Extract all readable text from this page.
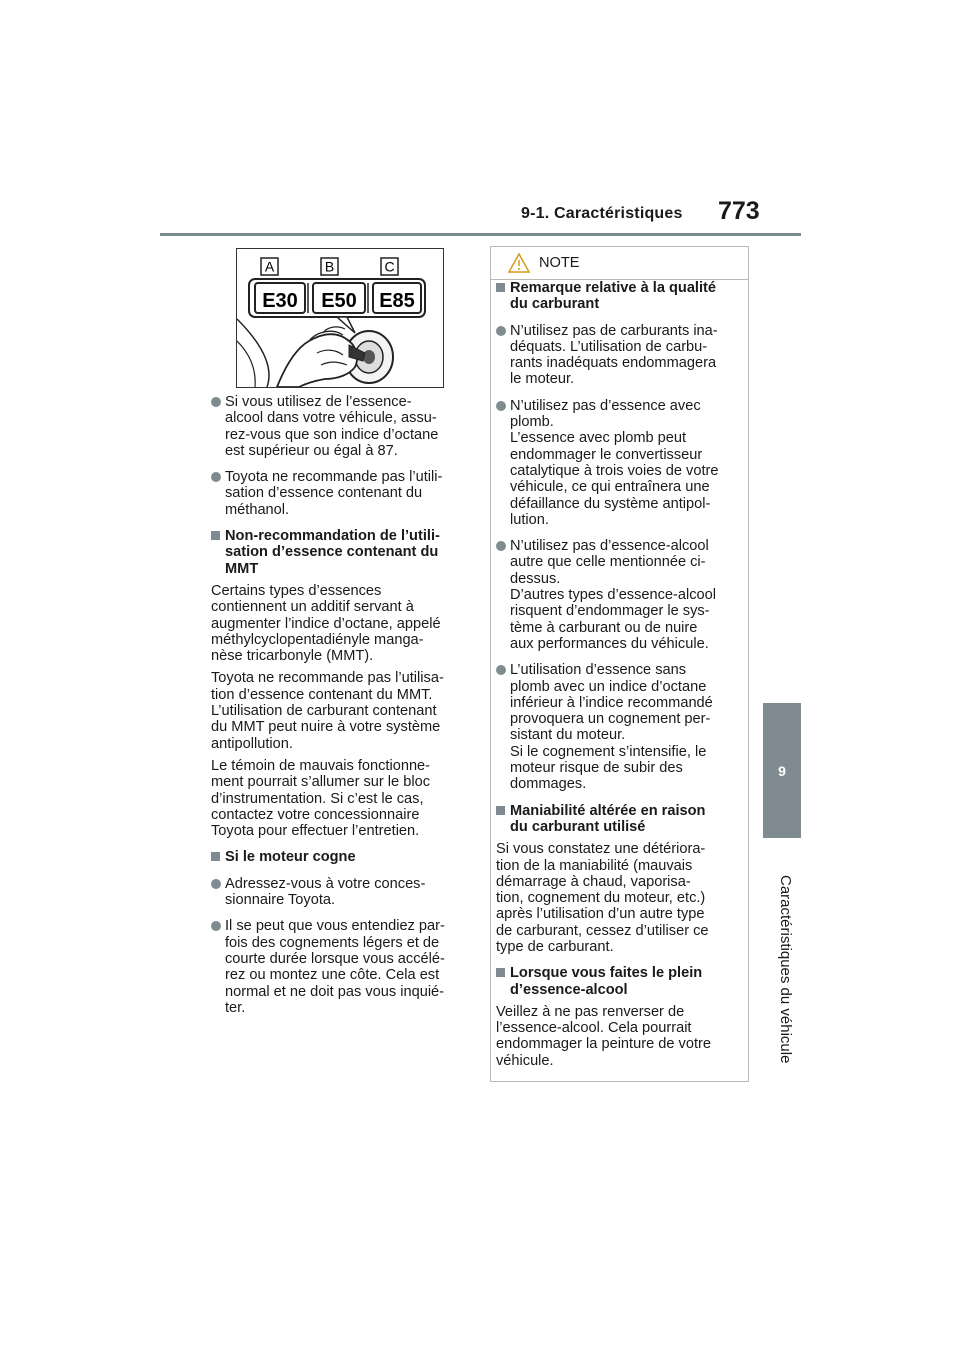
9-1. Caractéristiques 773
9
Caractéristiques du véhicule
A	B	C
E30 E50 E85
Si vous utilisez de l’essence-
alcool dans votre véhicule, assu-
rez-vous que son indice d’octane
est supérieur ou égal à 87.
Toyota ne recommande pas l’utili-
sation d’essence contenant du
méthanol.
Non-recommandation de l’utili-
sation d’essence contenant du
MMT
Certains types d’essences
contiennent un additif servant à
augmenter l’indice d’octane, appelé
méthylcyclopentadiényle manga-
nèse tricarbonyle (MMT).
Toyota ne recommande pas l’utilisa-
tion d’essence contenant du MMT.
L’utilisation de carburant contenant
du MMT peut nuire à votre système
antipollution.
Le témoin de mauvais fonctionne-
ment pourrait s’allumer sur le bloc
d’instrumentation. Si c’est le cas,
contactez votre concessionnaire
Toyota pour effectuer l’entretien.
Si le moteur cogne
Adressez-vous à votre conces-
sionnaire Toyota.
Il se peut que vous entendiez par-
fois des cognements légers et de
courte durée lorsque vous accélé-
rez ou montez une côte. Cela est
normal et ne doit pas vous inquié-
ter.
NOTE
Remarque relative à la qualité
du carburant
N’utilisez pas de carburants ina-
déquats. L’utilisation de carbu-
rants inadéquats endommagera
le moteur.
N’utilisez pas d’essence avec
plomb.
L’essence avec plomb peut
endommager le convertisseur
catalytique à trois voies de votre
véhicule, ce qui entraînera une
défaillance du système antipol-
lution.
N’utilisez pas d’essence-alcool
autre que celle mentionnée ci-
dessus.
D’autres types d’essence-alcool
risquent d’endommager le sys-
tème à carburant ou de nuire
aux performances du véhicule.
L’utilisation d’essence sans
plomb avec un indice d’octane
inférieur à l’indice recommandé
provoquera un cognement per-
sistant du moteur.
Si le cognement s’intensifie, le
moteur risque de subir des
dommages.
Maniabilité altérée en raison
du carburant utilisé
Si vous constatez une détériora-
tion de la maniabilité (mauvais
démarrage à chaud, vaporisa-
tion, cognement du moteur, etc.)
après l’utilisation d’un autre type
de carburant, cessez d’utiliser ce
type de carburant.
Lorsque vous faites le plein
d’essence-alcool
Veillez à ne pas renverser de
l’essence-alcool. Cela pourrait
endommager la peinture de votre
véhicule.
